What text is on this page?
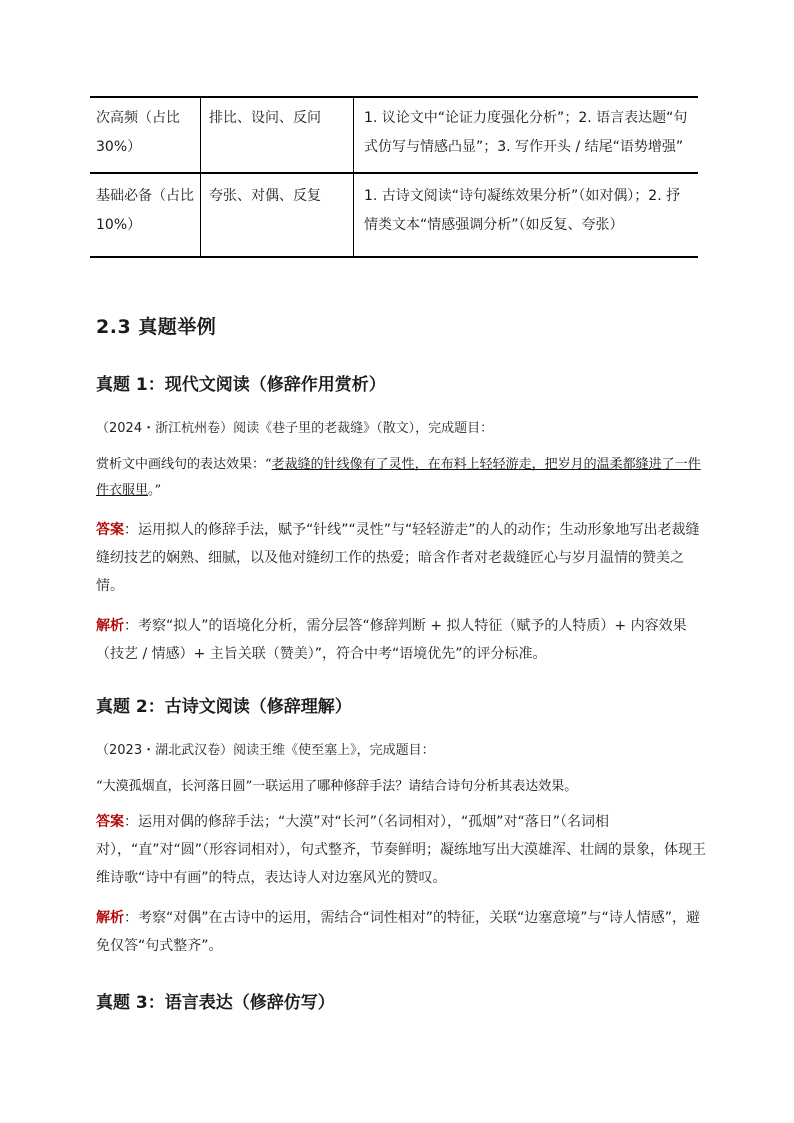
次高频（占比30%）	排比、设问、反问	1. 议论文中“论证力度强化分析”；2. 语言表达题“句式仿写与情感凸显”；3. 写作开头 / 结尾“语势增强”
基础必备（占比 10%）	夸张、对偶、反复	1. 古诗文阅读“诗句凝练效果分析”（如对偶）；2. 抒情类文本“情感强调分析”（如反复、夸张）
2.3 真题举例
真题 1：现代文阅读（修辞作用赏析）
（2024・浙江杭州卷）阅读《巷子里的老裁缝》（散文），完成题目：
赏析文中画线句的表达效果：“老裁缝的针线像有了灵性，在布料上轻轻游走，把岁月的温柔都缝进了一件件衣服里。”
答案：运用拟人的修辞手法，赋予“针线”“灵性”与“轻轻游走”的人的动作；生动形象地写出老裁缝缝纫技艺的娴熟、细腻，以及他对缝纫工作的热爱；暗含作者对老裁缝匠心与岁月温情的赞美之情。
解析：考察“拟人”的语境化分析，需分层答“修辞判断 + 拟人特征（赋予的人特质）+ 内容效果（技艺 / 情感）+ 主旨关联（赞美）”，符合中考“语境优先”的评分标准。
真题 2：古诗文阅读（修辞理解）
（2023・湖北武汉卷）阅读王维《使至塞上》，完成题目：
“大漠孤烟直，长河落日圆”一联运用了哪种修辞手法？请结合诗句分析其表达效果。
答案：运用对偶的修辞手法；“大漠”对“长河”（名词相对），“孤烟”对“落日”（名词相对），“直”对“圆”（形容词相对），句式整齐，节奏鲜明；凝练地写出大漠雄浑、壮阔的景象，体现王维诗歌“诗中有画”的特点，表达诗人对边塞风光的赞叹。
解析：考察“对偶”在古诗中的运用，需结合“词性相对”的特征，关联“边塞意境”与“诗人情感”，避免仅答“句式整齐”。
真题 3：语言表达（修辞仿写）
